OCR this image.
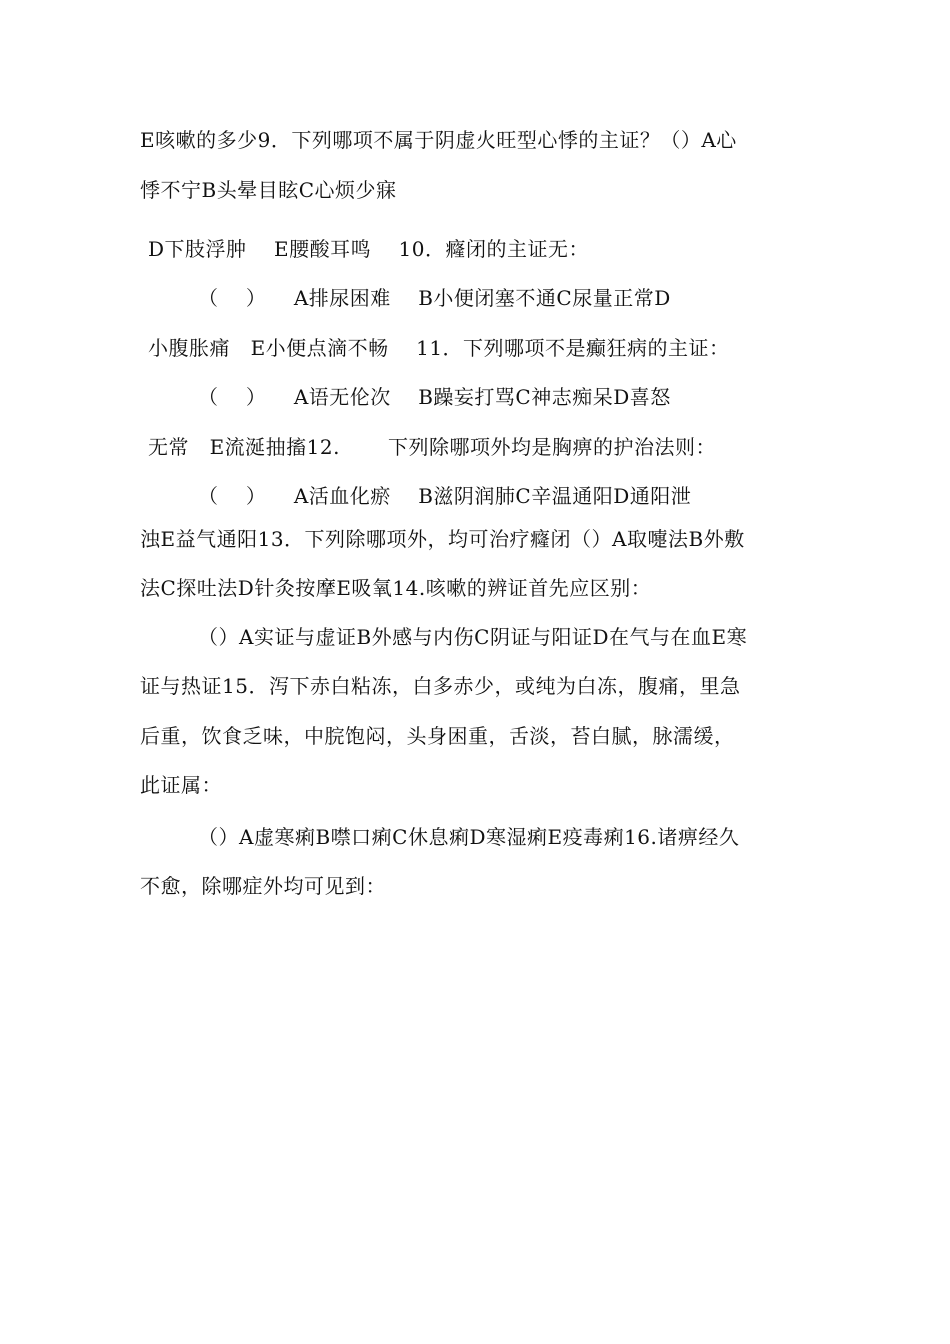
E咳嗽的多少9．下列哪项不属于阴虚火旺型心悸的主证？（）A心
悸不宁B头晕目眩C心烦少寐
D下肢浮肿    E腰酸耳鸣    10．癃闭的主证无：
（    ）    A排尿困难    B小便闭塞不通C尿量正常D
小腹胀痛   E小便点滴不畅    11．下列哪项不是癫狂病的主证：
（    ）    A语无伦次    B躁妄打骂C神志痴呆D喜怒
无常   E流涎抽搐12.       下列除哪项外均是胸痹的护治法则：
（    ）    A活血化瘀    B滋阴润肺C辛温通阳D通阳泄
浊E益气通阳13．下列除哪项外，均可治疗癃闭（）A取嚏法B外敷
法C探吐法D针灸按摩E吸氧14.咳嗽的辨证首先应区别：
（）A实证与虚证B外感与内伤C阴证与阳证D在气与在血E寒
证与热证15．泻下赤白粘冻，白多赤少，或纯为白冻，腹痛，里急
后重，饮食乏味，中脘饱闷，头身困重，舌淡，苔白腻，脉濡缓，
此证属：
（）A虚寒痢B噤口痢C休息痢D寒湿痢E疫毒痢16.诸痹经久
不愈，除哪症外均可见到：
